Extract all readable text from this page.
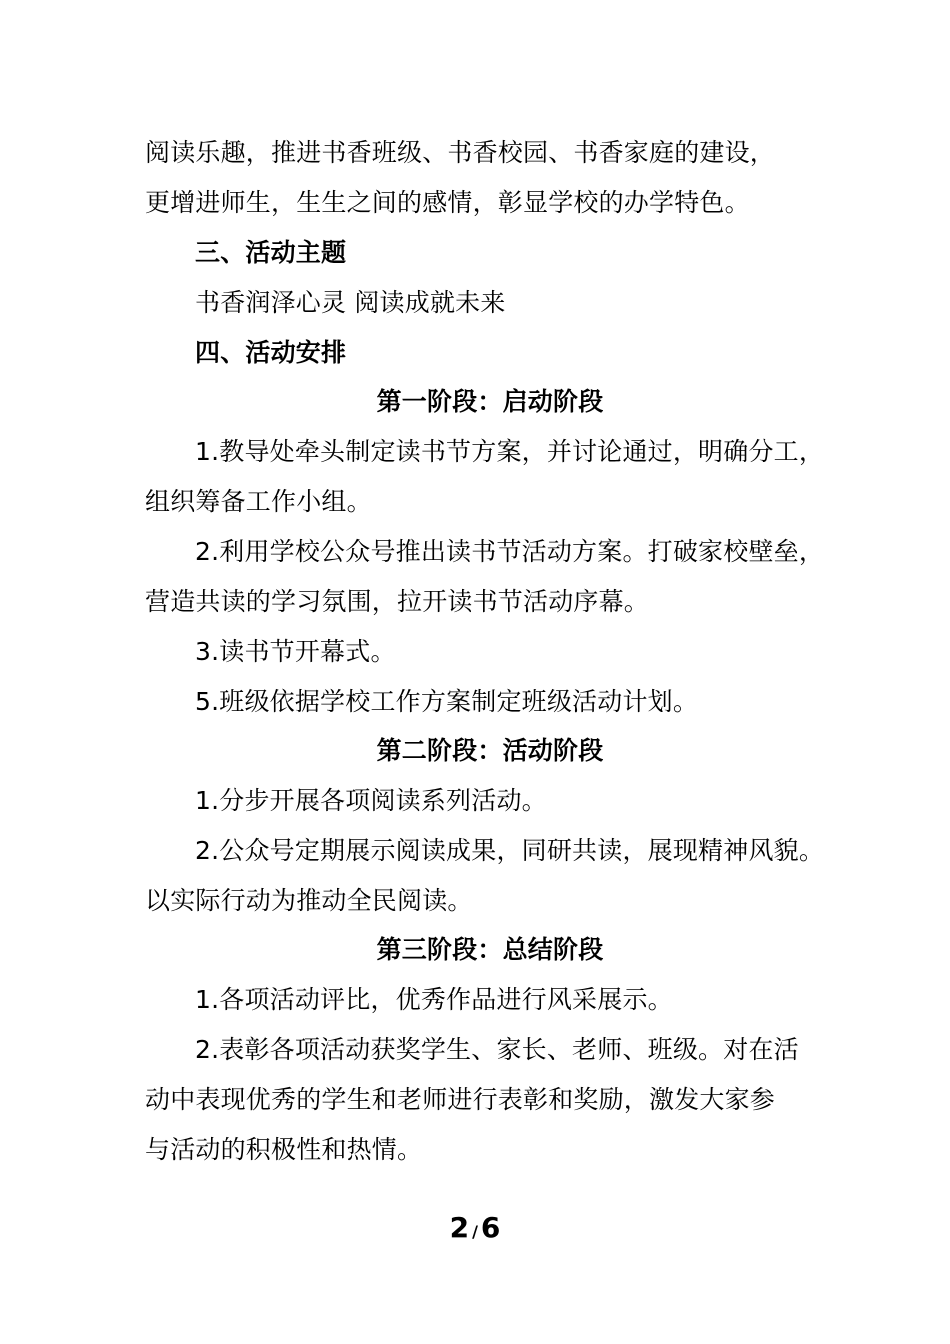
阅读乐趣，推进书香班级、书香校园、书香家庭的建设，
更增进师生，生生之间的感情，彰显学校的办学特色。
三、活动主题
书香润泽心灵 阅读成就未来
四、活动安排
第一阶段：启动阶段
1.教导处牵头制定读书节方案，并讨论通过，明确分工，
组织筹备工作小组。
2.利用学校公众号推出读书节活动方案。打破家校壁垒，
营造共读的学习氛围，拉开读书节活动序幕。
3.读书节开幕式。
5.班级依据学校工作方案制定班级活动计划。
第二阶段：活动阶段
1.分步开展各项阅读系列活动。
2.公众号定期展示阅读成果，同研共读，展现精神风貌。
以实际行动为推动全民阅读。
第三阶段：总结阶段
1.各项活动评比，优秀作品进行风采展示。
2.表彰各项活动获奖学生、家长、老师、班级。对在活
动中表现优秀的学生和老师进行表彰和奖励，激发大家参
与活动的积极性和热情。
2 / 6
